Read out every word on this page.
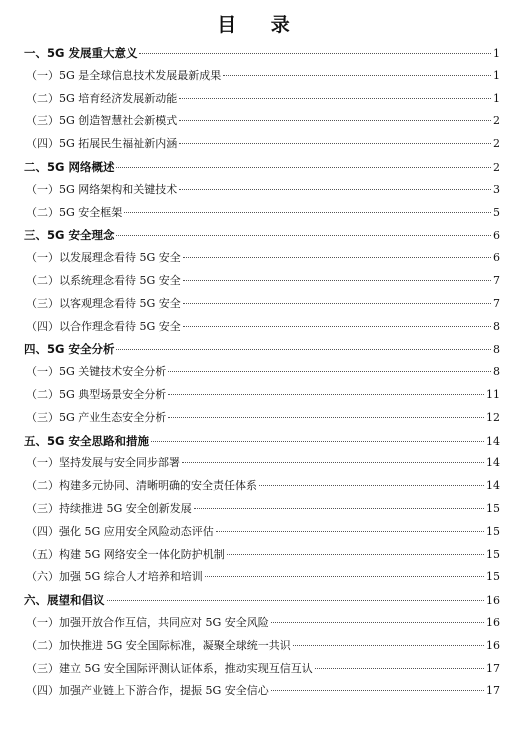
目 录
一、5G 发展重大意义	1
（一）5G 是全球信息技术发展最新成果	1
（二）5G 培育经济发展新动能	1
（三）5G 创造智慧社会新模式	2
（四）5G 拓展民生福祉新内涵	2
二、5G 网络概述	2
（一）5G 网络架构和关键技术	3
（二）5G 安全框架	5
三、5G 安全理念	6
（一）以发展理念看待 5G 安全	6
（二）以系统理念看待 5G 安全	7
（三）以客观理念看待 5G 安全	7
（四）以合作理念看待 5G 安全	8
四、5G 安全分析	8
（一）5G 关键技术安全分析	8
（二）5G 典型场景安全分析	11
（三）5G 产业生态安全分析	12
五、5G 安全思路和措施	14
（一）坚持发展与安全同步部署	14
（二）构建多元协同、清晰明确的安全责任体系	14
（三）持续推进 5G 安全创新发展	15
（四）强化 5G 应用安全风险动态评估	15
（五）构建 5G 网络安全一体化防护机制	15
（六）加强 5G 综合人才培养和培训	15
六、展望和倡议	16
（一）加强开放合作互信，共同应对 5G 安全风险	16
（二）加快推进 5G 安全国际标准，凝聚全球统一共识	16
（三）建立 5G 安全国际评测认证体系，推动实现互信互认	17
（四）加强产业链上下游合作，提振 5G 安全信心	17
